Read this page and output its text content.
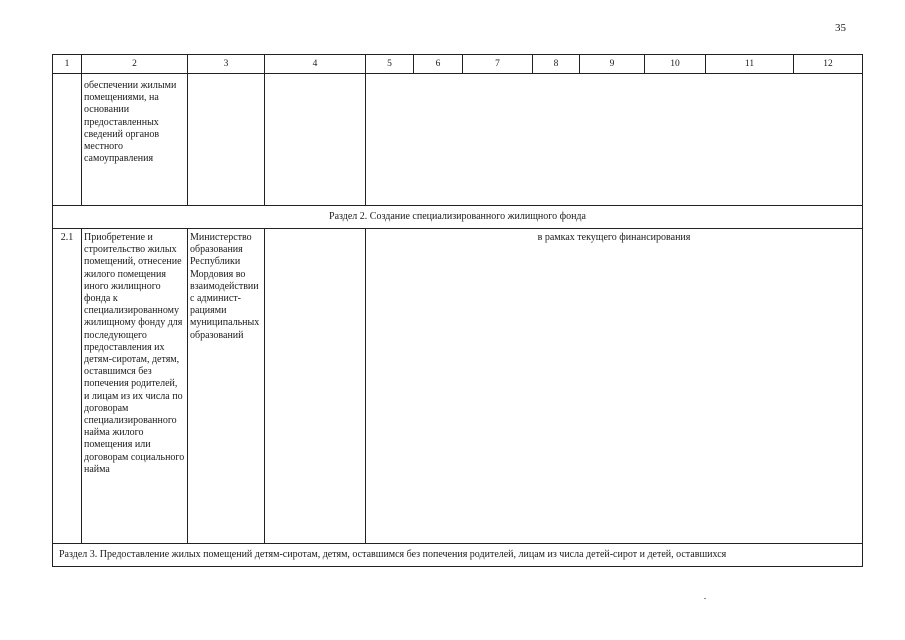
35
1	2	3	4	5	6	7	8	9	10	11	12
	обеспечении жилыми помещениями, на основании предоставленных сведений органов местного самоуправления										
Раздел 2. Создание специализированного жилищного фонда											
2.1	Приобретение и строительство жилых помещений, отнесение жилого помещения иного жилищного фонда к специализированному жилищному фонду для последующего предоставления их детям-сиротам, детям, оставшимся без попечения родителей, и лицам из их числа по договорам специализированного найма жилого помещения или договорам социального найма	Министерство образования Республики Мордовия во взаимодействии с администрациями муниципальных образований		в рамках текущего финансирования							
Раздел 3. Предоставление жилых помещений детям-сиротам, детям, оставшимся без попечения родителей, лицам из числа детей-сирот и детей, оставшихся											
